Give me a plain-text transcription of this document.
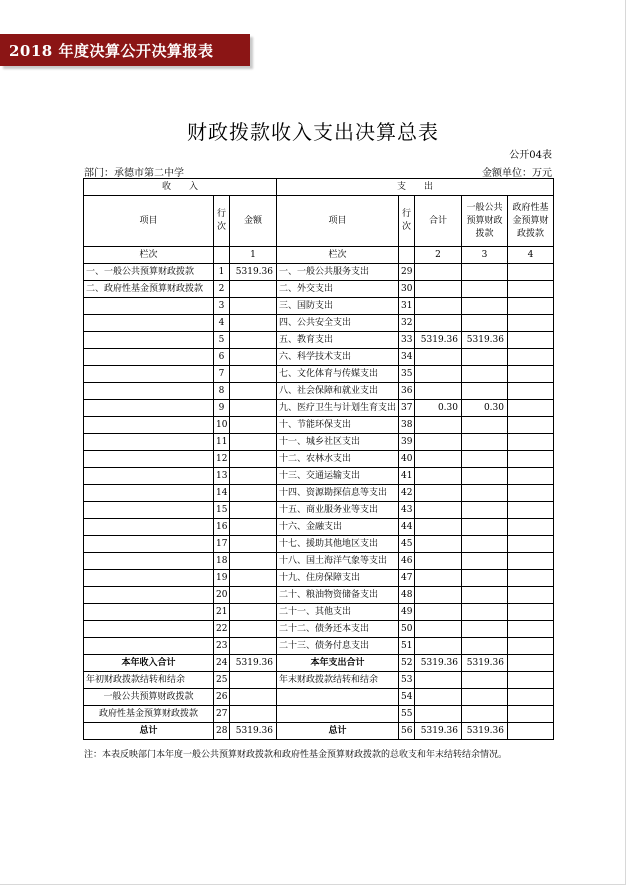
2018 年度决算公开决算报表
财政拨款收入支出决算总表
公开04表
部门：承德市第二中学	金额单位：万元
收　　入			支　　出				
项目	行次	金额	项目	行次	合计	一般公共预算财政拨款	政府性基金预算财政拨款
栏次		1	栏次		2	3	4
一、一般公共预算财政拨款	1	5319.36	一、一般公共服务支出	29			
二、政府性基金预算财政拨款	2		二、外交支出	30			
	3		三、国防支出	31			
	4		四、公共安全支出	32			
	5		五、教育支出	33	5319.36	5319.36	
	6		六、科学技术支出	34			
	7		七、文化体育与传媒支出	35			
	8		八、社会保障和就业支出	36			
	9		九、医疗卫生与计划生育支出	37	0.30	0.30	
	10		十、节能环保支出	38			
	11		十一、城乡社区支出	39			
	12		十二、农林水支出	40			
	13		十三、交通运输支出	41			
	14		十四、资源勘探信息等支出	42			
	15		十五、商业服务业等支出	43			
	16		十六、金融支出	44			
	17		十七、援助其他地区支出	45			
	18		十八、国土海洋气象等支出	46			
	19		十九、住房保障支出	47			
	20		二十、粮油物资储备支出	48			
	21		二十一、其他支出	49			
	22		二十二、债务还本支出	50			
	23		二十三、债务付息支出	51			
本年收入合计	24	5319.36	本年支出合计	52	5319.36	5319.36	
年初财政拨款结转和结余	25		年末财政拨款结转和结余	53			
一般公共预算财政拨款	26			54			
政府性基金预算财政拨款	27			55			
总计	28	5319.36	总计	56	5319.36	5319.36	
注：本表反映部门本年度一般公共预算财政拨款和政府性基金预算财政拨款的总收支和年末结转结余情况。
